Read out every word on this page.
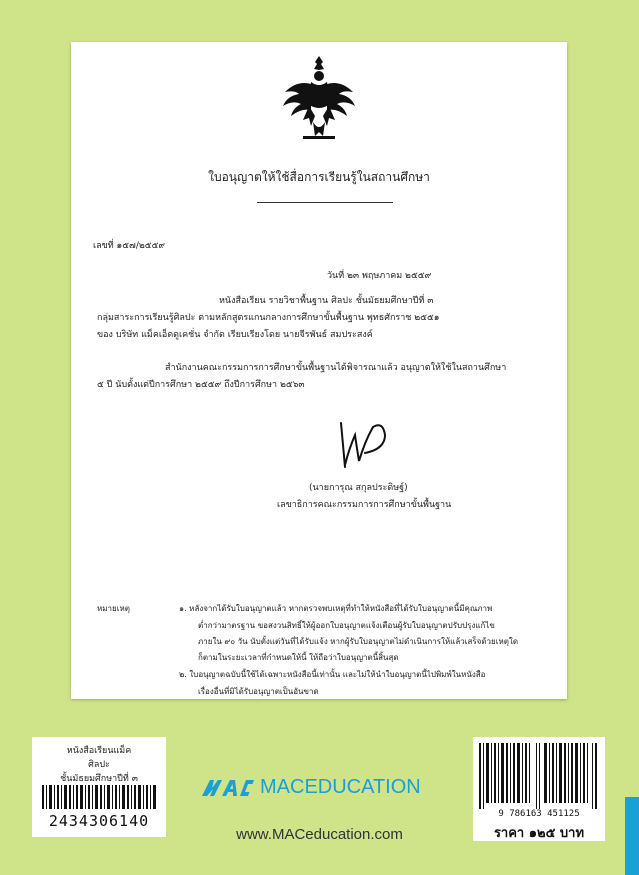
ใบอนุญาตให้ใช้สื่อการเรียนรู้ในสถานศึกษา
เลขที่ ๑๕๗/๒๕๕๙
วันที่ ๒๓ พฤษภาคม ๒๕๕๙
หนังสือเรียน รายวิชาพื้นฐาน ศิลปะ ชั้นมัธยมศึกษาปีที่ ๓
กลุ่มสาระการเรียนรู้ศิลปะ ตามหลักสูตรแกนกลางการศึกษาขั้นพื้นฐาน พุทธศักราช ๒๕๕๑
ของ บริษัท แม็คเอ็ดดูเคชั่น จำกัด เรียบเรียงโดย นายจีรพันธ์ สมประสงค์
สำนักงานคณะกรรมการการศึกษาขั้นพื้นฐานได้พิจารณาแล้ว อนุญาตให้ใช้ในสถานศึกษา
๕ ปี นับตั้งแต่ปีการศึกษา ๒๕๕๙ ถึงปีการศึกษา ๒๕๖๓
(นายการุณ สกุลประดิษฐ์)
เลขาธิการคณะกรรมการการศึกษาขั้นพื้นฐาน
หมายเหตุ	๑. หลังจากได้รับใบอนุญาตแล้ว หากตรวจพบเหตุที่ทำให้หนังสือที่ได้รับใบอนุญาตนี้มีคุณภาพ
ต่ำกว่ามาตรฐาน ขอสงวนสิทธิ์ให้ผู้ออกใบอนุญาตแจ้งเตือนผู้รับใบอนุญาตปรับปรุงแก้ไข
ภายใน ๙๐ วัน นับตั้งแต่วันที่ได้รับแจ้ง หากผู้รับใบอนุญาตไม่ดำเนินการให้แล้วเสร็จด้วยเหตุใด
ก็ตามในระยะเวลาที่กำหนดให้นี้ ให้ถือว่าใบอนุญาตนี้สิ้นสุด
๒. ใบอนุญาตฉบับนี้ใช้ได้เฉพาะหนังสือนี้เท่านั้น และไม่ให้นำใบอนุญาตนี้ไปพิมพ์ในหนังสือ
เรื่องอื่นที่มิได้รับอนุญาตเป็นอันขาด
หนังสือเรียนแม็ค
ศิลปะ
ชั้นมัธยมศึกษาปีที่ ๓
2434306140
MACEDUCATION
www.MACeducation.com
9 786163 451125
ราคา ๑๒๕ บาท
